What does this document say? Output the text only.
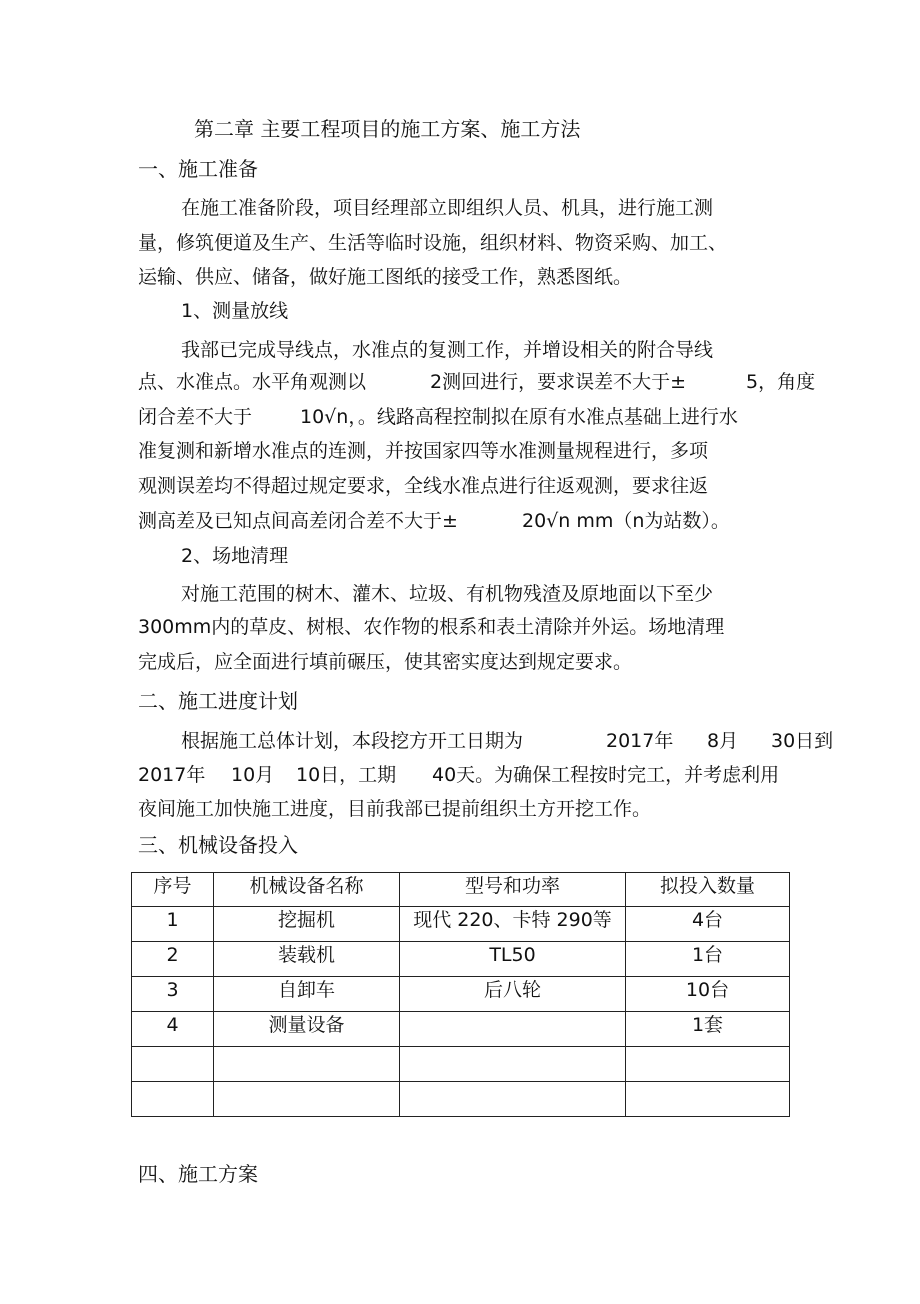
第二章 主要工程项目的施工方案、施工方法
一、施工准备
在施工准备阶段，项目经理部立即组织人员、机具，进行施工测
量，修筑便道及生产、生活等临时设施，组织材料、物资采购、加工、
运输、供应、储备，做好施工图纸的接受工作，熟悉图纸。
1、测量放线
我部已完成导线点，水准点的复测工作，并增设相关的附合导线
点、水准点。水平角观测以	2测回进行，要求误差不大于±	5，角度
闭合差不大于	10√n，。线路高程控制拟在原有水准点基础上进行水
准复测和新增水准点的连测，并按国家四等水准测量规程进行，多项
观测误差均不得超过规定要求，全线水准点进行往返观测，要求往返
测高差及已知点间高差闭合差不大于±	20√n mm（n为站数）。
2、场地清理
对施工范围的树木、灌木、垃圾、有机物残渣及原地面以下至少
300mm内的草皮、树根、农作物的根系和表土清除并外运。场地清理
完成后，应全面进行填前碾压，使其密实度达到规定要求。
二、施工进度计划
根据施工总体计划，本段挖方开工日期为	2017年 8月 30日到
2017年 10月 10日，工期 40天。为确保工程按时完工，并考虑利用
夜间施工加快施工进度，目前我部已提前组织土方开挖工作。
三、机械设备投入
序号	机械设备名称	型号和功率	拟投入数量
1	挖掘机	现代 220、卡特 290等	4台
2	装载机	TL50	1台
3	自卸车	后八轮	10台
4	测量设备		1套

四、施工方案
